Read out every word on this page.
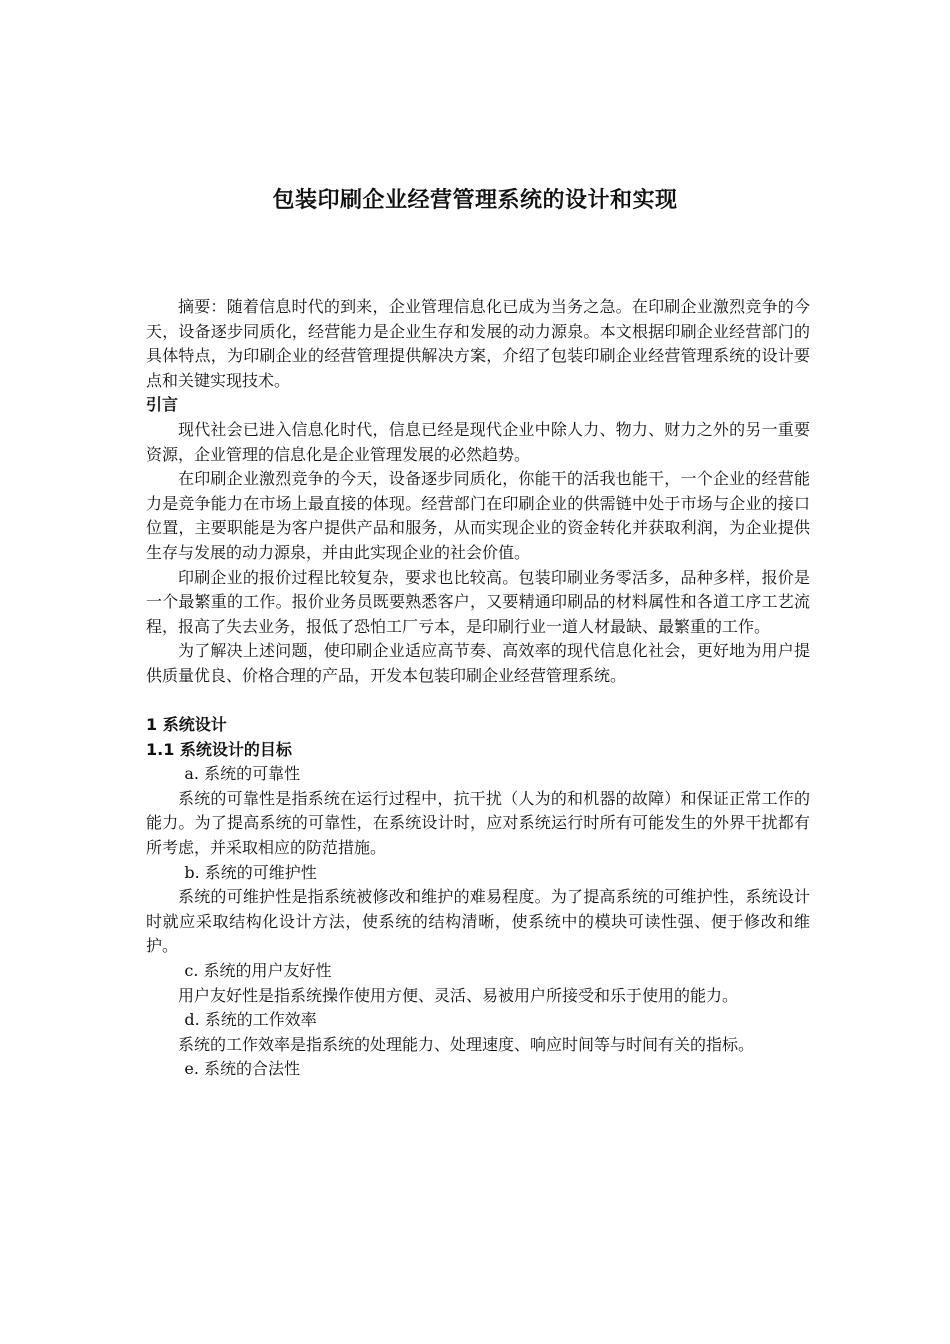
包装印刷企业经营管理系统的设计和实现

摘要：随着信息时代的到来，企业管理信息化已成为当务之急。在印刷企业激烈竞争的今天，设备逐步同质化，经营能力是企业生存和发展的动力源泉。本文根据印刷企业经营部门的具体特点，为印刷企业的经营管理提供解决方案，介绍了包装印刷企业经营管理系统的设计要点和关键实现技术。

引言

现代社会已进入信息化时代，信息已经是现代企业中除人力、物力、财力之外的另一重要资源，企业管理的信息化是企业管理发展的必然趋势。

在印刷企业激烈竞争的今天，设备逐步同质化，你能干的活我也能干，一个企业的经营能力是竞争能力在市场上最直接的体现。经营部门在印刷企业的供需链中处于市场与企业的接口位置，主要职能是为客户提供产品和服务，从而实现企业的资金转化并获取利润，为企业提供生存与发展的动力源泉，并由此实现企业的社会价值。

印刷企业的报价过程比较复杂，要求也比较高。包装印刷业务零活多，品种多样，报价是一个最繁重的工作。报价业务员既要熟悉客户，又要精通印刷品的材料属性和各道工序工艺流程，报高了失去业务，报低了恐怕工厂亏本，是印刷行业一道人材最缺、最繁重的工作。

为了解决上述问题，使印刷企业适应高节奏、高效率的现代信息化社会，更好地为用户提供质量优良、价格合理的产品，开发本包装印刷企业经营管理系统。

1 系统设计

1.1 系统设计的目标

a. 系统的可靠性

系统的可靠性是指系统在运行过程中，抗干扰（人为的和机器的故障）和保证正常工作的能力。为了提高系统的可靠性，在系统设计时，应对系统运行时所有可能发生的外界干扰都有所考虑，并采取相应的防范措施。

b. 系统的可维护性

系统的可维护性是指系统被修改和维护的难易程度。为了提高系统的可维护性，系统设计时就应采取结构化设计方法，使系统的结构清晰，使系统中的模块可读性强、便于修改和维护。

c. 系统的用户友好性

用户友好性是指系统操作使用方便、灵活、易被用户所接受和乐于使用的能力。

d. 系统的工作效率

系统的工作效率是指系统的处理能力、处理速度、响应时间等与时间有关的指标。

e. 系统的合法性
